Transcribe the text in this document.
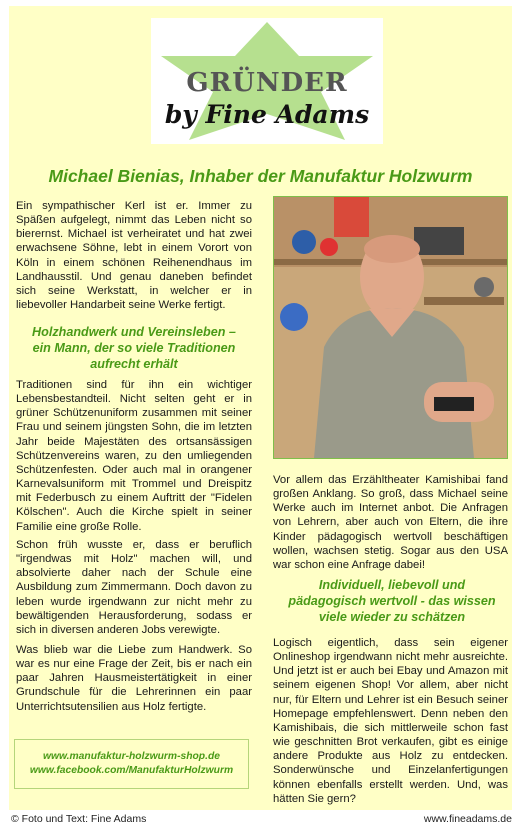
GRÜNDER
by Fine Adams
Michael Bienias, Inhaber der Manufaktur Holzwurm

Ein sympathischer Kerl ist er. Immer zu Späßen aufgelegt, nimmt das Leben nicht so bierernst. Michael ist verheiratet und hat zwei erwachsene Söhne, lebt in einem Vorort von Köln in einem schönen Reihenendhaus im Landhausstil. Und genau daneben befindet sich seine Werkstatt, in welcher er in liebevoller Handarbeit seine Werke fertigt.

Holzhandwerk und Vereinsleben – ein Mann, der so viele Traditionen aufrecht erhält

Traditionen sind für ihn ein wichtiger Lebensbestandteil. Nicht selten geht er in grüner Schützenuniform zusammen mit seiner Frau und seinem jüngsten Sohn, die im letzten Jahr beide Majestäten des ortsansässigen Schützenvereins waren, zu den umliegenden Schützenfesten. Oder auch mal in orangener Karnevalsuniform mit Trommel und Dreispitz mit Federbusch zu einem Auftritt der "Fidelen Kölschen". Auch die Kirche spielt in seiner Familie eine große Rolle.

Schon früh wusste er, dass er beruflich "irgendwas mit Holz" machen will, und absolvierte daher nach der Schule eine Ausbildung zum Zimmermann. Doch davon zu leben wurde irgendwann zur nicht mehr zu bewältigenden Herausforderung, sodass er sich in diversen anderen Jobs verewigte.

Was blieb war die Liebe zum Handwerk. So war es nur eine Frage der Zeit, bis er nach ein paar Jahren Hausmeistertätigkeit in einer Grundschule für die Lehrerinnen ein paar Unterrichtsutensilien aus Holz fertigte.

www.manufaktur-holzwurm-shop.de
www.facebook.com/ManufakturHolzwurm

Vor allem das Erzähltheater Kamishibai fand großen Anklang. So groß, dass Michael seine Werke auch im Internet anbot. Die Anfragen von Lehrern, aber auch von Eltern, die ihre Kinder pädagogisch wertvoll beschäftigen wollen, wachsen stetig. Sogar aus den USA war schon eine Anfrage dabei!

Individuell, liebevoll und pädagogisch wertvoll - das wissen viele wieder zu schätzen

Logisch eigentlich, dass sein eigener Onlineshop irgendwann nicht mehr ausreichte. Und jetzt ist er auch bei Ebay und Amazon mit seinem eigenen Shop! Vor allem, aber nicht nur, für Eltern und Lehrer ist ein Besuch seiner Homepage empfehlenswert. Denn neben den Kamishibais, die sich mittlerweile schon fast wie geschnitten Brot verkaufen, gibt es einige andere Produkte aus Holz zu entdecken. Sonderwünsche und Einzelanfertigungen können ebenfalls erstellt werden. Und, was hätten Sie gern?

© Foto und Text: Fine Adams	www.fineadams.de
